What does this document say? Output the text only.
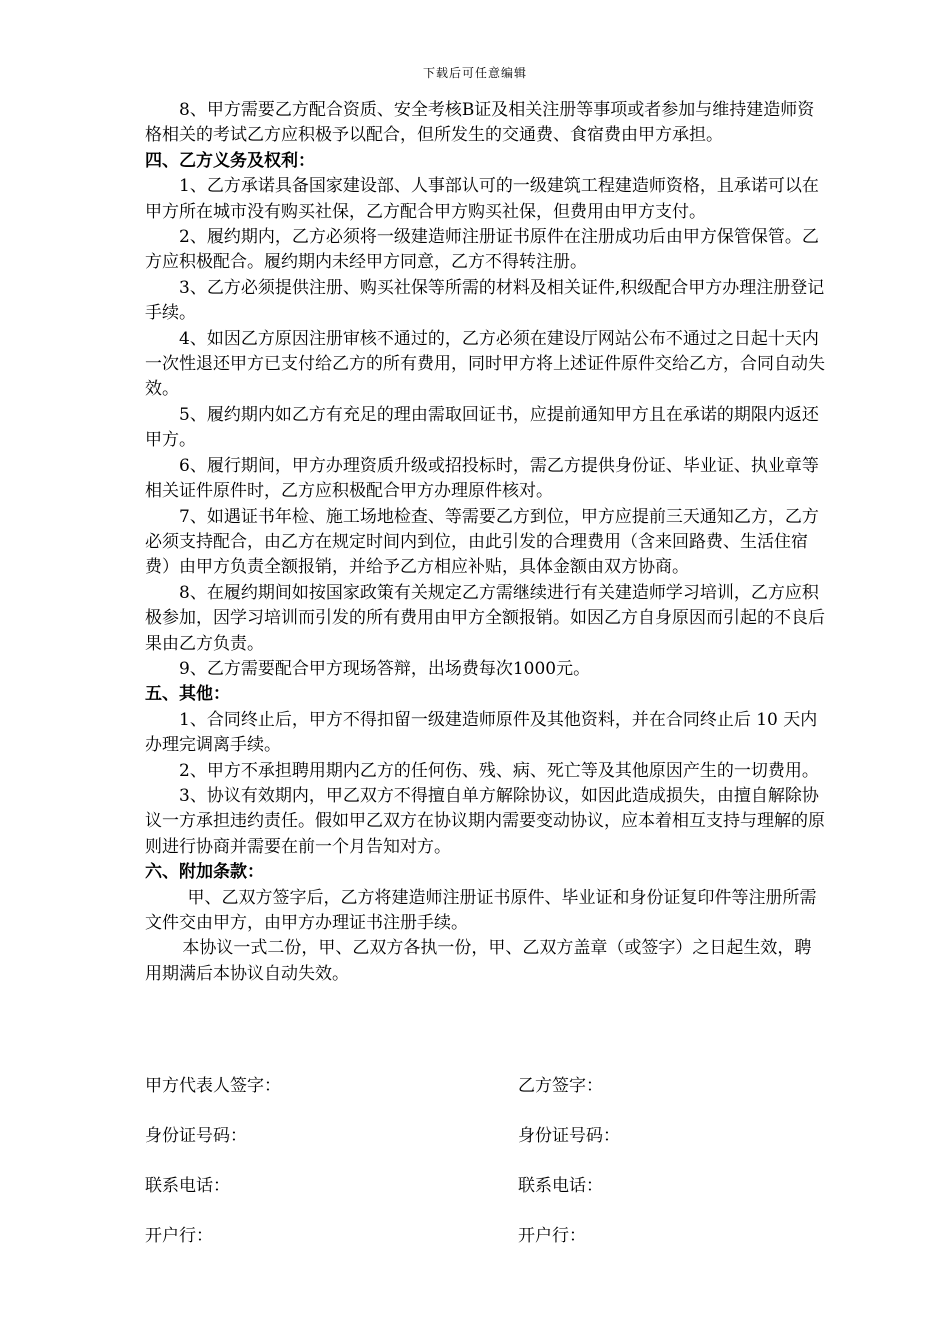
下载后可任意编辑

8、甲方需要乙方配合资质、安全考核B证及相关注册等事项或者参加与维持建造师资格相关的考试乙方应积极予以配合，但所发生的交通费、食宿费由甲方承担。

四、乙方义务及权利：

1、乙方承诺具备国家建设部、人事部认可的一级建筑工程建造师资格，且承诺可以在甲方所在城市没有购买社保，乙方配合甲方购买社保，但费用由甲方支付。

2、履约期内，乙方必须将一级建造师注册证书原件在注册成功后由甲方保管保管。乙方应积极配合。履约期内未经甲方同意，乙方不得转注册。

3、乙方必须提供注册、购买社保等所需的材料及相关证件,积级配合甲方办理注册登记手续。

4、如因乙方原因注册审核不通过的，乙方必须在建设厅网站公布不通过之日起十天内一次性退还甲方已支付给乙方的所有费用，同时甲方将上述证件原件交给乙方，合同自动失效。

5、履约期内如乙方有充足的理由需取回证书，应提前通知甲方且在承诺的期限内返还甲方。

6、履行期间，甲方办理资质升级或招投标时，需乙方提供身份证、毕业证、执业章等相关证件原件时，乙方应积极配合甲方办理原件核对。

7、如遇证书年检、施工场地检查、等需要乙方到位，甲方应提前三天通知乙方，乙方必须支持配合，由乙方在规定时间内到位，由此引发的合理费用（含来回路费、生活住宿费）由甲方负责全额报销，并给予乙方相应补贴，具体金额由双方协商。

8、在履约期间如按国家政策有关规定乙方需继续进行有关建造师学习培训，乙方应积极参加，因学习培训而引发的所有费用由甲方全额报销。如因乙方自身原因而引起的不良后果由乙方负责。

9、乙方需要配合甲方现场答辩，出场费每次1000元。

五、其他：

1、合同终止后，甲方不得扣留一级建造师原件及其他资料，并在合同终止后 10 天内办理完调离手续。

2、甲方不承担聘用期内乙方的任何伤、残、病、死亡等及其他原因产生的一切费用。

3、协议有效期内，甲乙双方不得擅自单方解除协议，如因此造成损失，由擅自解除协议一方承担违约责任。假如甲乙双方在协议期内需要变动协议，应本着相互支持与理解的原则进行协商并需要在前一个月告知对方。

六、附加条款：

甲、乙双方签字后，乙方将建造师注册证书原件、毕业证和身份证复印件等注册所需文件交由甲方，由甲方办理证书注册手续。

本协议一式二份，甲、乙双方各执一份，甲、乙双方盖章（或签字）之日起生效，聘用期满后本协议自动失效。

甲方代表人签字：	乙方签字：
身份证号码：	身份证号码：
联系电话：	联系电话：
开户行：	开户行：
